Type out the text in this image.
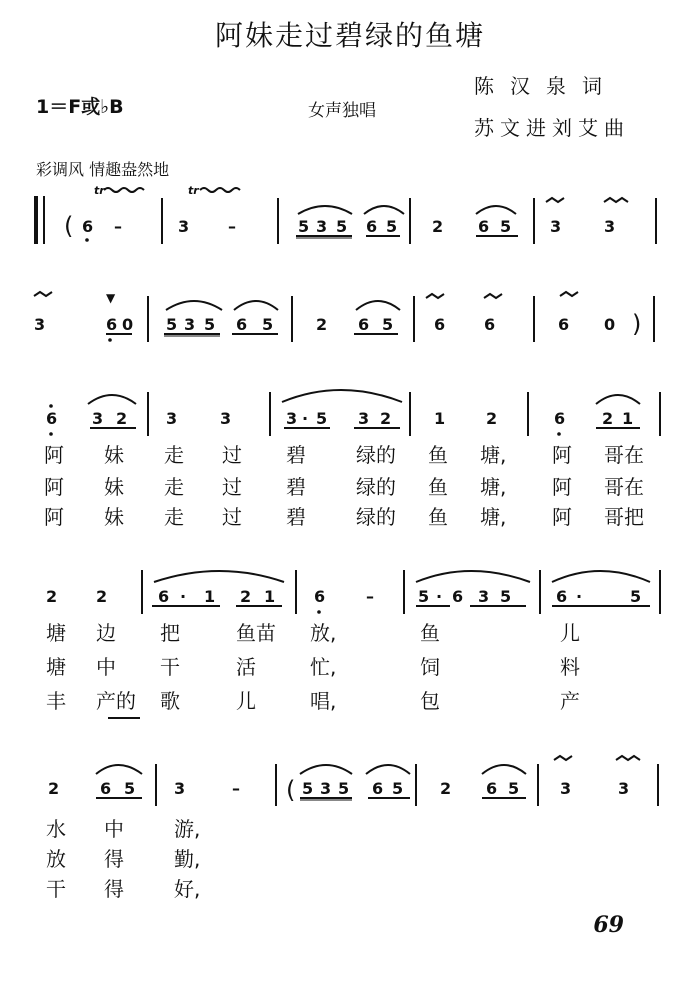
阿妹走过碧绿的鱼塘
1＝F或♭B	女声独唱
陈汉泉词
苏文进刘艾曲
彩调风 情趣盎然地
(
)
(
tr	tr
6 –	3 –	5 3 5 6 5 2 6 5 3	3
3	6 0 5 3 5 6 5	2 6 5	6 6	6 0
▼
6 3 2 3	3	3 · 5 3 2	1	2	6 2 1
2 2	6 · 1 2 1 6	–	5 · 6 3 5	6 ·	5
2	6 5 3	–	5 3 5 6 5 2 6 5	3	3
阿 妹 走 过 碧	绿的 鱼 塘, 阿 哥在
阿 妹 走 过 碧	绿的 鱼 塘, 阿 哥在
阿 妹 走 过 碧	绿的 鱼 塘, 阿 哥把
塘 边 把	鱼苗 放,	鱼	儿
塘 中 干	活	忙,	饲	料
丰 产的 歌	儿	唱,	包	产
水 中	游,
放 得	勤,
干 得	好,
69
